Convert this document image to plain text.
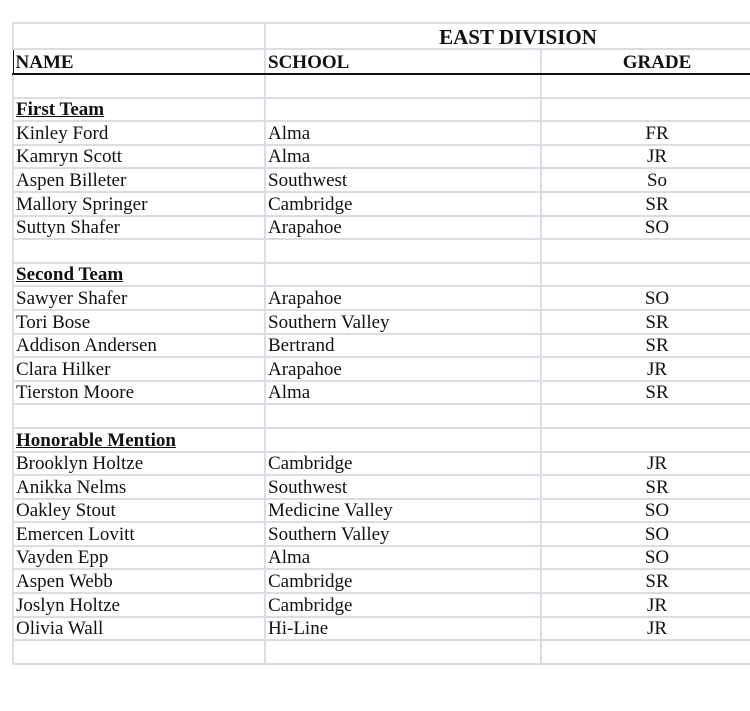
	EAST DIVISION	
NAME	SCHOOL	GRADE

First Team		
Kinley Ford	Alma	FR
Kamryn Scott	Alma	JR
Aspen Billeter	Southwest	So
Mallory Springer	Cambridge	SR
Suttyn Shafer	Arapahoe	SO

Second Team		
Sawyer Shafer	Arapahoe	SO
Tori Bose	Southern Valley	SR
Addison Andersen	Bertrand	SR
Clara Hilker	Arapahoe	JR
Tierston Moore	Alma	SR

Honorable Mention		
Brooklyn Holtze	Cambridge	JR
Anikka Nelms	Southwest	SR
Oakley Stout	Medicine Valley	SO
Emercen Lovitt	Southern Valley	SO
Vayden Epp	Alma	SO
Aspen Webb	Cambridge	SR
Joslyn Holtze	Cambridge	JR
Olivia Wall	Hi-Line	JR
